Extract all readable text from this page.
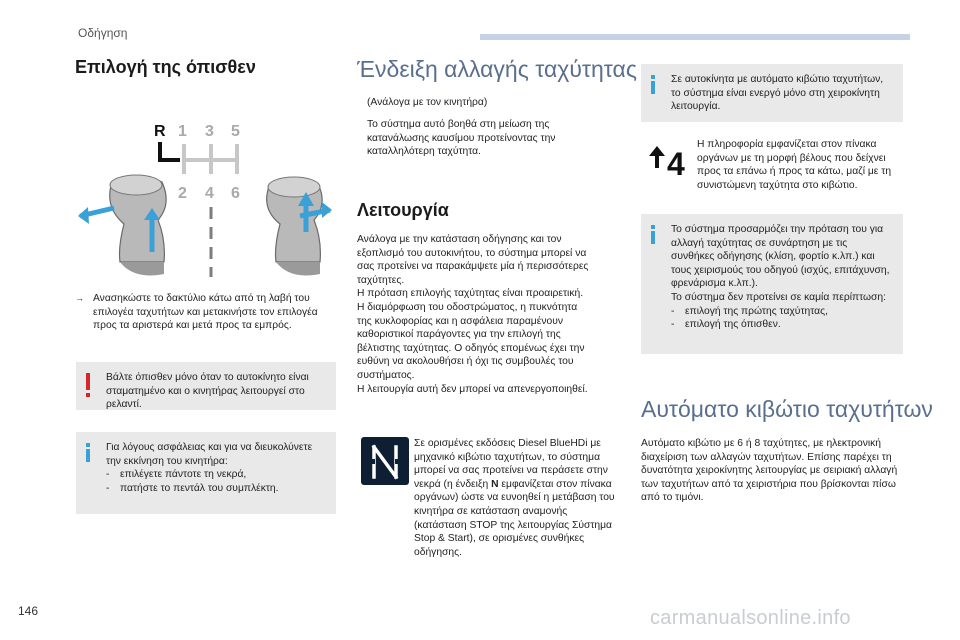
Οδήγηση
Επιλογή της όπισθεν
R 1 3 5
2 4 6
→ Ανασηκώστε το δακτύλιο κάτω από τη λαβή του επιλογέα ταχυτήτων και μετακινήστε τον επιλογέα προς τα αριστερά και μετά προς τα εμπρός.
Βάλτε όπισθεν μόνο όταν το αυτοκίνητο είναι σταματημένο και ο κινητήρας λειτουργεί στο ρελαντί.
Για λόγους ασφάλειας και για να διευκολύνετε την εκκίνηση του κινητήρα:
- επιλέγετε πάντοτε τη νεκρά,
- πατήστε το πεντάλ του συμπλέκτη.
Ένδειξη αλλαγής ταχύτητας
(Ανάλογα με τον κινητήρα)
Το σύστημα αυτό βοηθά στη μείωση της κατανάλωσης καυσίμου προτείνοντας την καταλληλότερη ταχύτητα.
Λειτουργία
Ανάλογα με την κατάσταση οδήγησης και τον
εξοπλισμό του αυτοκινήτου, το σύστημα μπορεί να
σας προτείνει να παρακάμψετε μία ή περισσότερες
ταχύτητες.
Η πρόταση επιλογής ταχύτητας είναι προαιρετική.
Η διαμόρφωση του οδοστρώματος, η πυκνότητα
της κυκλοφορίας και η ασφάλεια παραμένουν
καθοριστικοί παράγοντες για την επιλογή της
βέλτιστης ταχύτητας. Ο οδηγός επομένως έχει την
ευθύνη να ακολουθήσει ή όχι τις συμβουλές του
συστήματος.
Η λειτουργία αυτή δεν μπορεί να απενεργοποιηθεί.
Σε ορισμένες εκδόσεις Diesel BlueHDi με μηχανικό κιβώτιο ταχυτήτων, το σύστημα μπορεί να σας προτείνει να περάσετε στην νεκρά (η ένδειξη N εμφανίζεται στον πίνακα οργάνων) ώστε να ευνοηθεί η μετάβαση του κινητήρα σε κατάσταση αναμονής (κατάσταση STOP της λειτουργίας Σύστημα Stop & Start), σε ορισμένες συνθήκες οδήγησης.
Σε αυτοκίνητα με αυτόματο κιβώτιο ταχυτήτων, το σύστημα είναι ενεργό μόνο στη χειροκίνητη λειτουργία.
4
Η πληροφορία εμφανίζεται στον πίνακα οργάνων με τη μορφή βέλους που δείχνει προς τα επάνω ή προς τα κάτω, μαζί με τη συνιστώμενη ταχύτητα στο κιβώτιο.
Το σύστημα προσαρμόζει την πρόταση του για αλλαγή ταχύτητας σε συνάρτηση με τις συνθήκες οδήγησης (κλίση, φορτίο κ.λπ.) και τους χειρισμούς του οδηγού (ισχύς, επιτάχυνση, φρενάρισμα κ.λπ.).
Το σύστημα δεν προτείνει σε καμία περίπτωση:
- επιλογή της πρώτης ταχύτητας,
- επιλογή της όπισθεν.
Αυτόματο κιβώτιο ταχυτήτων
Αυτόματο κιβώτιο με 6 ή 8 ταχύτητες, με ηλεκτρονική διαχείριση των αλλαγών ταχυτήτων. Επίσης παρέχει τη δυνατότητα χειροκίνητης λειτουργίας με σειριακή αλλαγή των ταχυτήτων από τα χειριστήρια που βρίσκονται πίσω από το τιμόνι.
146	carmanualsonline.info
